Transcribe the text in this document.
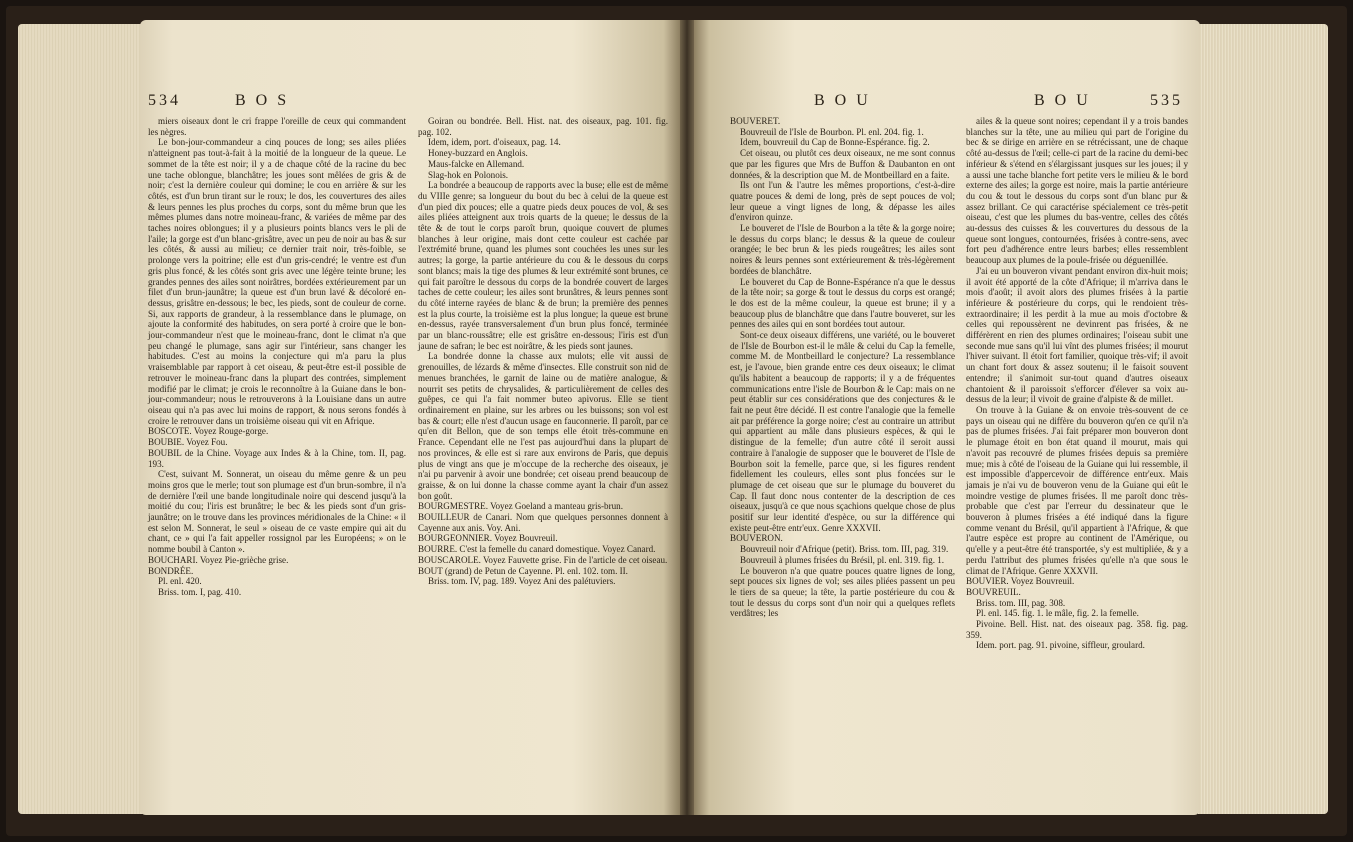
534	B O S

miers oiseaux dont le cri frappe l'oreille de ceux qui commandent les nègres.

Le bon-jour-commandeur a cinq pouces de long; ses ailes pliées n'atteignent pas tout-à-fait à la moitié de la longueur de la queue. Le sommet de la tête est noir; il y a de chaque côté de la racine du bec une tache oblongue, blanchâtre; les joues sont mêlées de gris & de noir; c'est la dernière couleur qui domine; le cou en arrière & sur les côtés, est d'un brun tirant sur le roux; le dos, les couvertures des ailes & leurs pennes les plus proches du corps, sont du même brun que les mêmes plumes dans notre moineau-franc, & variées de même par des taches noires oblongues; il y a plusieurs points blancs vers le pli de l'aile; la gorge est d'un blanc-grisâtre, avec un peu de noir au bas & sur les côtés, & aussi au milieu; ce dernier trait noir, très-foible, se prolonge vers la poitrine; elle est d'un gris-cendré; le ventre est d'un gris plus foncé, & les côtés sont gris avec une légère teinte brune; les grandes pennes des ailes sont noirâtres, bordées extérieurement par un filet d'un brun-jaunâtre; la queue est d'un brun lavé & décoloré en-dessus, grisâtre en-dessous; le bec, les pieds, sont de couleur de corne. Si, aux rapports de grandeur, à la ressemblance dans le plumage, on ajoute la conformité des habitudes, on sera porté à croire que le bon-jour-commandeur n'est que le moineau-franc, dont le climat n'a que peu changé le plumage, sans agir sur l'intérieur, sans changer les habitudes. C'est au moins la conjecture qui m'a paru la plus vraisemblable par rapport à cet oiseau, & peut-être est-il possible de retrouver le moineau-franc dans la plupart des contrées, simplement modifié par le climat; je crois le reconnoître à la Guiane dans le bon-jour-commandeur; nous le retrouverons à la Louisiane dans un autre oiseau qui n'a pas avec lui moins de rapport, & nous serons fondés à croire le retrouver dans un troisième oiseau qui vit en Afrique.

BOSCOTE. Voyez Rouge-gorge.

BOUBIE. Voyez Fou.

BOUBIL de la Chine. Voyage aux Indes & à la Chine, tom. II, pag. 193.

C'est, suivant M. Sonnerat, un oiseau du même genre & un peu moins gros que le merle; tout son plumage est d'un brun-sombre, il n'a de dernière l'œil une bande longitudinale noire qui descend jusqu'à la moitié du cou; l'iris est brunâtre; le bec & les pieds sont d'un gris-jaunâtre; on le trouve dans les provinces méridionales de la Chine: « il est selon M. Sonnerat, le seul » oiseau de ce vaste empire qui ait du chant, ce » qui l'a fait appeller rossignol par les Européens; » on le nomme boubil à Canton ».

BOUCHARI. Voyez Pie-grièche grise.

BONDRÉE.

Pl. enl. 420.

Briss. tom. I, pag. 410.

Goiran ou bondrée. Bell. Hist. nat. des oiseaux, pag. 101. fig. pag. 102.

Idem, idem, port. d'oiseaux, pag. 14.

Honey-buzzard en Anglois.

Maus-falcke en Allemand.

Slag-hok en Polonois.

La bondrée a beaucoup de rapports avec la buse; elle est de même du VIIIe genre; sa longueur du bout du bec à celui de la queue est d'un pied dix pouces; elle a quatre pieds deux pouces de vol, & ses ailes pliées atteignent aux trois quarts de la queue; le dessus de la tête & de tout le corps paroît brun, quoique couvert de plumes blanches à leur origine, mais dont cette couleur est cachée par l'extrémité brune, quand les plumes sont couchées les unes sur les autres; la gorge, la partie antérieure du cou & le dessous du corps sont blancs; mais la tige des plumes & leur extrémité sont brunes, ce qui fait paroître le dessous du corps de la bondrée couvert de larges taches de cette couleur; les ailes sont brunâtres, & leurs pennes sont du côté interne rayées de blanc & de brun; la première des pennes est la plus courte, la troisième est la plus longue; la queue est brune en-dessus, rayée transversalement d'un brun plus foncé, terminée par un blanc-roussâtre; elle est grisâtre en-dessous; l'iris est d'un jaune de safran; le bec est noirâtre, & les pieds sont jaunes.

La bondrée donne la chasse aux mulots; elle vit aussi de grenouilles, de lézards & même d'insectes. Elle construit son nid de menues branchées, le garnit de laine ou de matière analogue, & nourrit ses petits de chrysalides, & particulièrement de celles des guêpes, ce qui l'a fait nommer buteo apivorus. Elle se tient ordinairement en plaine, sur les arbres ou les buissons; son vol est bas & court; elle n'est d'aucun usage en fauconnerie. Il paroît, par ce qu'en dit Bellon, que de son temps elle étoit très-commune en France. Cependant elle ne l'est pas aujourd'hui dans la plupart de nos provinces, & elle est si rare aux environs de Paris, que depuis plus de vingt ans que je m'occupe de la recherche des oiseaux, je n'ai pu parvenir à avoir une bondrée; cet oiseau prend beaucoup de graisse, & on lui donne la chasse comme ayant la chair d'un assez bon goût.

BOURGMESTRE. Voyez Goeland a manteau gris-brun.

BOUILLEUR de Canari. Nom que quelques personnes donnent à Cayenne aux anis. Voy. Ani.

BOURGEONNIER. Voyez Bouvreuil.

BOURRE. C'est la femelle du canard domestique. Voyez Canard.

BOUSCAROLE. Voyez Fauvette grise. Fin de l'article de cet oiseau.

BOUT (grand) de Petun de Cayenne. Pl. enl. 102. tom. II.

Briss. tom. IV, pag. 189. Voyez Ani des palétuviers.

B O U	B O U	535

BOUVERET.

Bouvreuil de l'Isle de Bourbon. Pl. enl. 204. fig. 1.

Idem, bouvreuil du Cap de Bonne-Espérance. fig. 2.

Cet oiseau, ou plutôt ces deux oiseaux, ne me sont connus que par les figures que Mrs de Buffon & Daubanton en ont données, & la description que M. de Montbeillard en a faite.

Ils ont l'un & l'autre les mêmes proportions, c'est-à-dire quatre pouces & demi de long, près de sept pouces de vol; leur queue a vingt lignes de long, & dépasse les ailes d'environ quinze.

Le bouveret de l'Isle de Bourbon a la tête & la gorge noire; le dessus du corps blanc; le dessus & la queue de couleur orangée; le bec brun & les pieds rougeâtres; les ailes sont noires & leurs pennes sont extérieurement & très-légèrement bordées de blanchâtre.

Le bouveret du Cap de Bonne-Espérance n'a que le dessus de la tête noir; sa gorge & tout le dessus du corps est orangé; le dos est de la même couleur, la queue est brune; il y a beaucoup plus de blanchâtre que dans l'autre bouveret, sur les pennes des ailes qui en sont bordées tout autour.

Sont-ce deux oiseaux différens, une variété, ou le bouveret de l'Isle de Bourbon est-il le mâle & celui du Cap la femelle, comme M. de Montbeillard le conjecture? La ressemblance est, je l'avoue, bien grande entre ces deux oiseaux; le climat qu'ils habitent a beaucoup de rapports; il y a de fréquentes communications entre l'isle de Bourbon & le Cap: mais on ne peut établir sur ces considérations que des conjectures & le fait ne peut être décidé. Il est contre l'analogie que la femelle ait par préférence la gorge noire; c'est au contraire un attribut qui appartient au mâle dans plusieurs espèces, & qui le distingue de la femelle; d'un autre côté il seroit aussi contraire à l'analogie de supposer que le bouveret de l'Isle de Bourbon soit la femelle, parce que, si les figures rendent fidellement les couleurs, elles sont plus foncées sur le plumage de cet oiseau que sur le plumage du bouveret du Cap. Il faut donc nous contenter de la description de ces oiseaux, jusqu'à ce que nous sçachions quelque chose de plus positif sur leur identité d'espèce, ou sur la différence qui existe peut-être entr'eux. Genre XXXVII.

BOUVERON.

Bouvreuil noir d'Afrique (petit). Briss. tom. III, pag. 319.

Bouvreuil à plumes frisées du Brésil, pl. enl. 319. fig. 1.

Le bouveron n'a que quatre pouces quatre lignes de long, sept pouces six lignes de vol; ses ailes pliées passent un peu le tiers de sa queue; la tête, la partie postérieure du cou & tout le dessus du corps sont d'un noir qui a quelques reflets verdâtres; les

ailes & la queue sont noires; cependant il y a trois bandes blanches sur la tête, une au milieu qui part de l'origine du bec & se dirige en arrière en se rétrécissant, une de chaque côté au-dessus de l'œil; celle-ci part de la racine du demi-bec inférieur & s'étend en s'élargissant jusques sur les joues; il y a aussi une tache blanche fort petite vers le milieu & le bord externe des ailes; la gorge est noire, mais la partie antérieure du cou & tout le dessous du corps sont d'un blanc pur & assez brillant. Ce qui caractérise spécialement ce très-petit oiseau, c'est que les plumes du bas-ventre, celles des côtés au-dessus des cuisses & les couvertures du dessous de la queue sont longues, contournées, frisées à contre-sens, avec fort peu d'adhérence entre leurs barbes; elles ressemblent beaucoup aux plumes de la poule-frisée ou déguenillée.

J'ai eu un bouveron vivant pendant environ dix-huit mois; il avoit été apporté de la côte d'Afrique; il m'arriva dans le mois d'août; il avoit alors des plumes frisées à la partie inférieure & postérieure du corps, qui le rendoient très-extraordinaire; il les perdit à la mue au mois d'octobre & celles qui repoussèrent ne devinrent pas frisées, & ne différèrent en rien des plumes ordinaires; l'oiseau subit une seconde mue sans qu'il lui vînt des plumes frisées; il mourut l'hiver suivant. Il étoit fort familier, quoique très-vif; il avoit un chant fort doux & assez soutenu; il le faisoit souvent entendre; il s'animoit sur-tout quand d'autres oiseaux chantoient & il paroissoit s'efforcer d'élever sa voix au-dessus de la leur; il vivoit de graine d'alpiste & de millet.

On trouve à la Guiane & on envoie très-souvent de ce pays un oiseau qui ne diffère du bouveron qu'en ce qu'il n'a pas de plumes frisées. J'ai fait préparer mon bouveron dont le plumage étoit en bon état quand il mourut, mais qui n'avoit pas recouvré de plumes frisées depuis sa première mue; mis à côté de l'oiseau de la Guiane qui lui ressemble, il est impossible d'appercevoir de différence entr'eux. Mais jamais je n'ai vu de bouveron venu de la Guiane qui eût le moindre vestige de plumes frisées. Il me paroît donc très-probable que c'est par l'erreur du dessinateur que le bouveron à plumes frisées a été indiqué dans la figure comme venant du Brésil, qu'il appartient à l'Afrique, & que l'autre espèce est propre au continent de l'Amérique, ou qu'elle y a peut-être été transportée, s'y est multipliée, & y a perdu l'attribut des plumes frisées qu'elle n'a que sous le climat de l'Afrique. Genre XXXVII.

BOUVIER. Voyez Bouvreuil.

BOUVREUIL.

Briss. tom. III, pag. 308.

Pl. enl. 145. fig. 1. le mâle, fig. 2. la femelle.

Pivoine. Bell. Hist. nat. des oiseaux pag. 358. fig. pag. 359.

Idem. port. pag. 91. pivoine, siffleur, groulard.
